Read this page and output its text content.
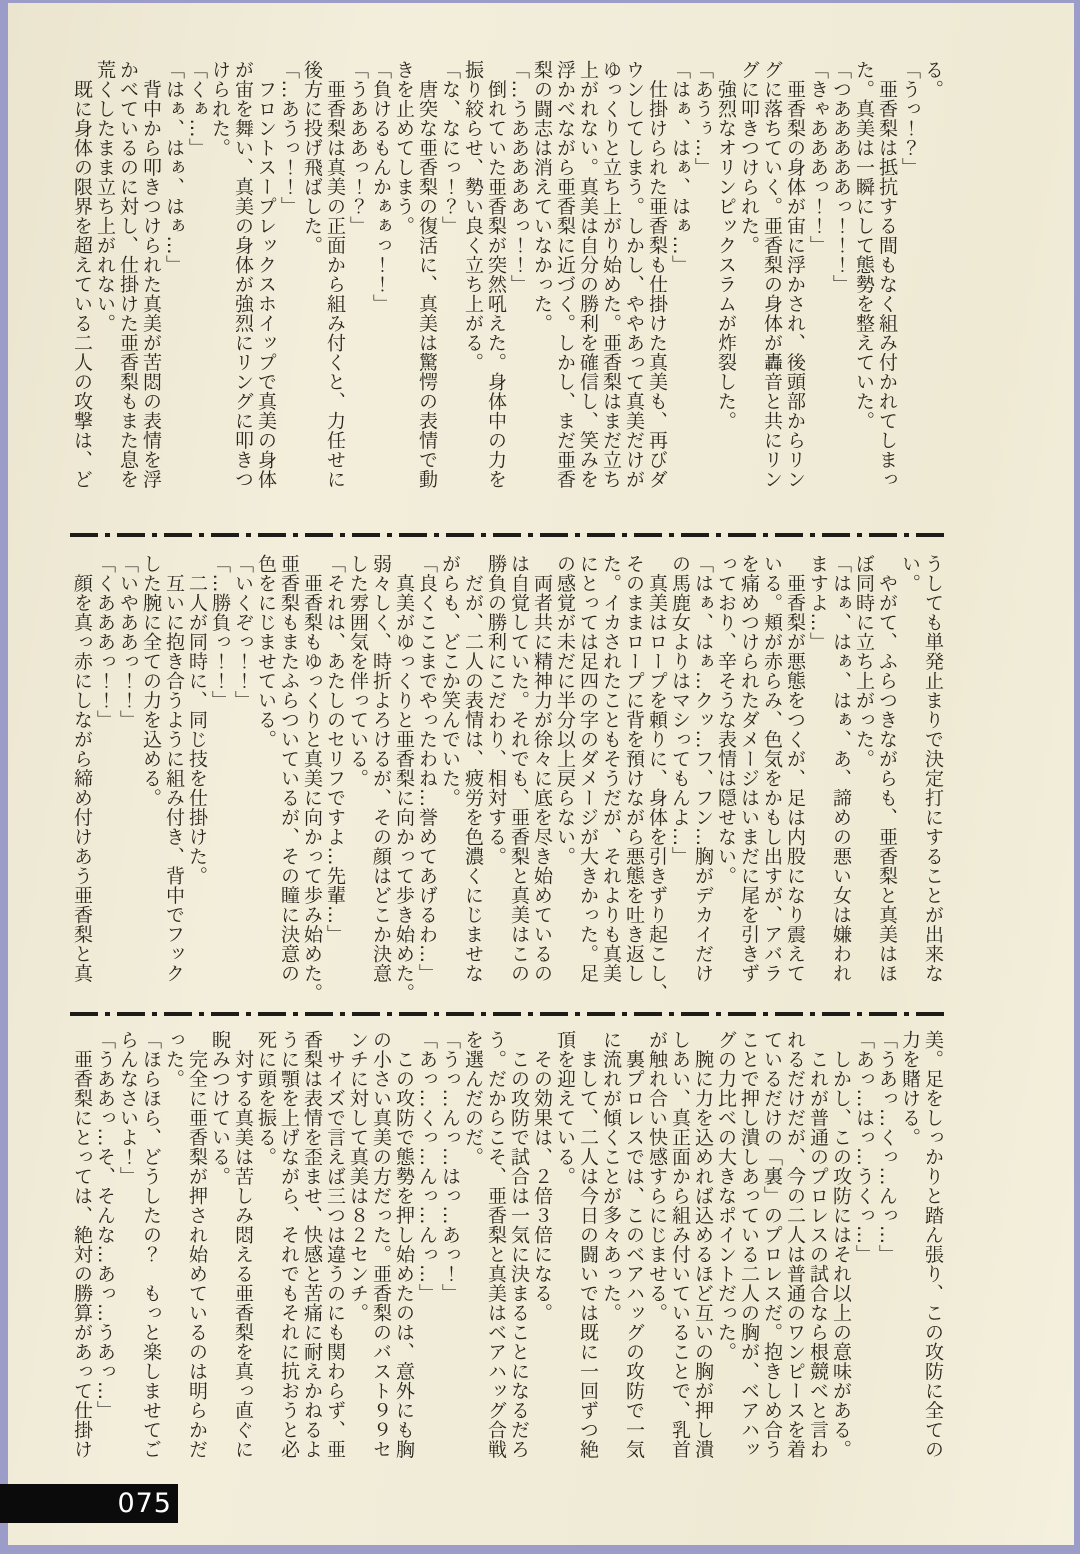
る。

「うっ！？」

　亜香梨は抵抗する間もなく組み付かれてしまっ

た。真美は一瞬にして態勢を整えていた。

「つあああああっ！！！」

「きゃあああっ！！」

　亜香梨の身体が宙に浮かされ、後頭部からリン

グに落ちていく。亜香梨の身体が轟音と共にリン

グに叩きつけられた。

　強烈なオリンピックスラムが炸裂した。

「あうぅ…」

「はぁ、はぁ、はぁ…」

　仕掛けられた亜香梨も仕掛けた真美も、再びダ

ウンしてしまう。しかし、ややあって真美だけが

ゆっくりと立ち上がり始めた。亜香梨はまだ立ち

上がれない。真美は自分の勝利を確信し、笑みを

浮かべながら亜香梨に近づく。しかし、まだ亜香

梨の闘志は消えていなかった。

「…うあああああっ！！」

　倒れていた亜香梨が突然吼えた。身体中の力を

振り絞らせ、勢い良く立ち上がる。

「な、なにっ！？」

　唐突な亜香梨の復活に、真美は驚愕の表情で動

きを止めてしまう。

「負けるもんかぁぁっ！！」

「うあああっ！？」

　亜香梨は真美の正面から組み付くと、力任せに

後方に投げ飛ばした。

「…あうっ！！」

　フロントスープレックスホイップで真美の身体

が宙を舞い、真美の身体が強烈にリングに叩きつ

けられた。

「くぁ…」

「はぁ、はぁ、はぁ…」

　背中から叩きつけられた真美が苦悶の表情を浮

かべているのに対し、仕掛けた亜香梨もまた息を

荒くしたまま立ち上がれない。

　既に身体の限界を超えている二人の攻撃は、ど

うしても単発止まりで決定打にすることが出来な

い。

　やがて、ふらつきながらも、亜香梨と真美はほ

ぼ同時に立ち上がった。

「はぁ、はぁ、はぁ、あ、諦めの悪い女は嫌われ

ますよ…」

　亜香梨が悪態をつくが、足は内股になり震えて

いる。頬が赤らみ、色気をかもし出すが、アバラ

を痛めつけられたダメージはいまだに尾を引きず

っており、辛そうな表情は隠せない。

「はぁ、はぁ…クッ…フ、フン…胸がデカイだけ

の馬鹿女よりはマシってもんよ…」

　真美はロープを頼りに、身体を引きずり起こし、

そのままロープに背を預けながら悪態を吐き返し

た。イカされたこともそうだが、それよりも真美

にとっては足四の字のダメージが大きかった。足

の感覚が未だに半分以上戻らない。

　両者共に精神力が徐々に底を尽き始めているの

は自覚していた。それでも、亜香梨と真美はこの

勝負の勝利にこだわり、相対する。

　だが、二人の表情は、疲労を色濃くにじませな

がらも、どこか笑んでいた。

「良くここまでやったわね…誉めてあげるわ…」

　真美がゆっくりと亜香梨に向かって歩き始めた。

弱々しく、時折よろけるが、その顔はどこか決意

した雰囲気を伴っている。

「それは、あたしのセリフですよ…先輩…」

　亜香梨もゆっくりと真美に向かって歩み始めた。

亜香梨もまたふらついているが、その瞳に決意の

色をにじませている。

「いくぞっ！！」

「…勝負っ！！」

　二人が同時に、同じ技を仕掛けた。

　互いに抱き合うように組み付き、背中でフック

した腕に全ての力を込める。

「いやああっ！！」

「くあああっ！！」

　顔を真っ赤にしながら締め付けあう亜香梨と真

美。足をしっかりと踏ん張り、この攻防に全ての

力を賭ける。

「うあっ…くっ…んっ…」

「あっ…はっ…うくっ…」

　しかし、この攻防にはそれ以上の意味がある。

　これが普通のプロレスの試合なら根競べと言わ

れるだけだが、今の二人は普通のワンピースを着

ているだけの「裏」のプロレスだ。抱きしめ合う

ことで押し潰しあっている二人の胸が、ベアハッ

グの力比べの大きなポイントだった。

　腕に力を込めれば込めるほど互いの胸が押し潰

しあい、真正面から組み付いていることで、乳首

が触れ合い快感すらにじませる。

　裏プロレスでは、このベアハッグの攻防で一気

に流れが傾くことが多々あった。

　まして、二人は今日の闘いでは既に一回ずつ絶

頂を迎えている。

　その効果は、２倍３倍になる。

　この攻防で試合は一気に決まることになるだろ

う。だからこそ、亜香梨と真美はベアハッグ合戦

を選んだのだ。

「うっ…んっ…はっ…あっ！」

「あっ…くっ…んっ…んっ…」

　この攻防で態勢を押し始めたのは、意外にも胸

の小さい真美の方だった。亜香梨のバスト９９セ

ンチに対して真美は８２センチ。

　サイズで言えば三つは違うのにも関わらず、亜

香梨は表情を歪ませ、快感と苦痛に耐えかねるよ

うに顎を上げながら、それでもそれに抗おうと必

死に頭を振る。

　対する真美は苦しみ悶える亜香梨を真っ直ぐに

睨みつけている。

　完全に亜香梨が押され始めているのは明らかだ

った。

「ほらほら、どうしたの？　もっと楽しませてご

らんなさいよ！」

「うああっ…そ、そんな…あっ…うあっ…」

　亜香梨にとっては、絶対の勝算があって仕掛け

075
